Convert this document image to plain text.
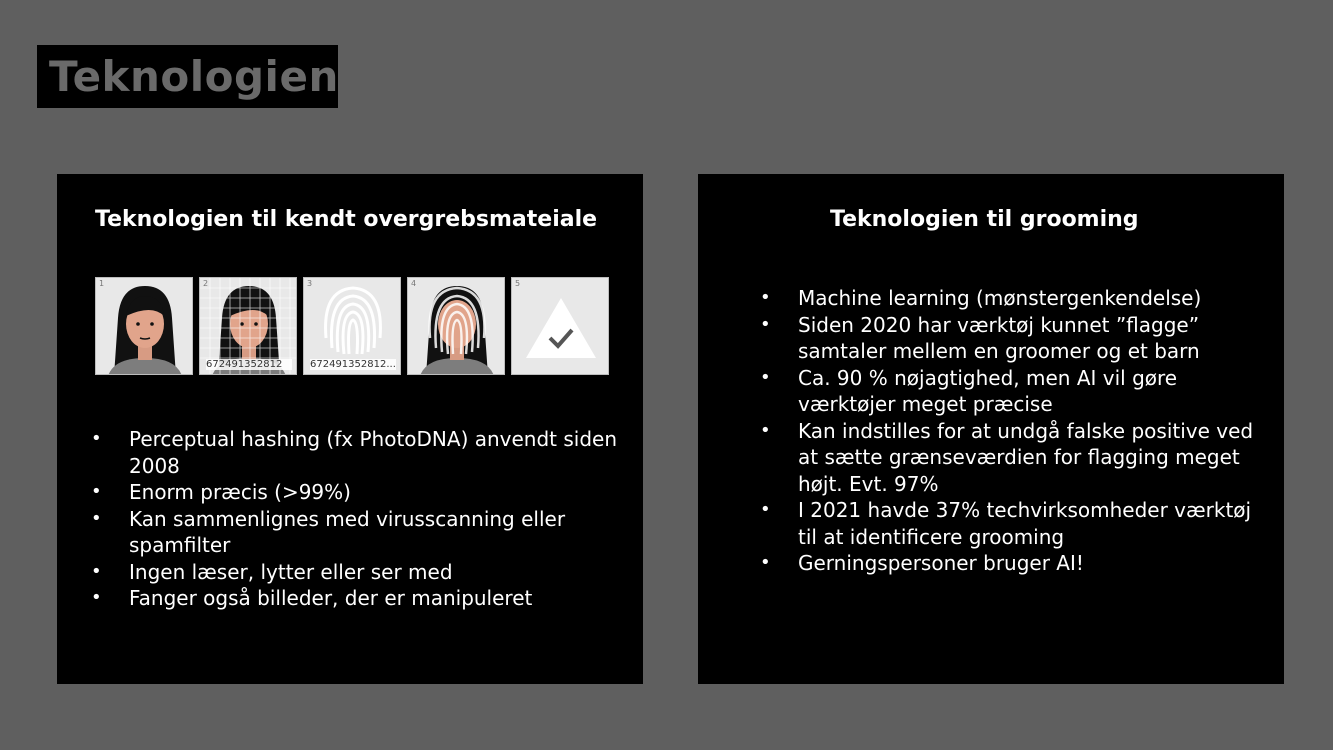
Teknologien
Teknologien til kendt overgrebsmateiale
1	2
672491352812
3
672491352812...
4	5
• Perceptual hashing (fx PhotoDNA) anvendt siden 2008
• Enorm præcis (>99%)
• Kan sammenlignes med virusscanning eller spamfilter
• Ingen læser, lytter eller ser med
• Fanger også billeder, der er manipuleret
Teknologien til grooming
• Machine learning (mønstergenkendelse)
• Siden 2020 har værktøj kunnet ”flagge” samtaler mellem en groomer og et barn
• Ca. 90 % nøjagtighed, men AI vil gøre værktøjer meget præcise
• Kan indstilles for at undgå falske positive ved at sætte grænseværdien for flagging meget højt. Evt. 97%
• I 2021 havde 37% techvirksomheder værktøj til at identificere grooming
• Gerningspersoner bruger AI!
